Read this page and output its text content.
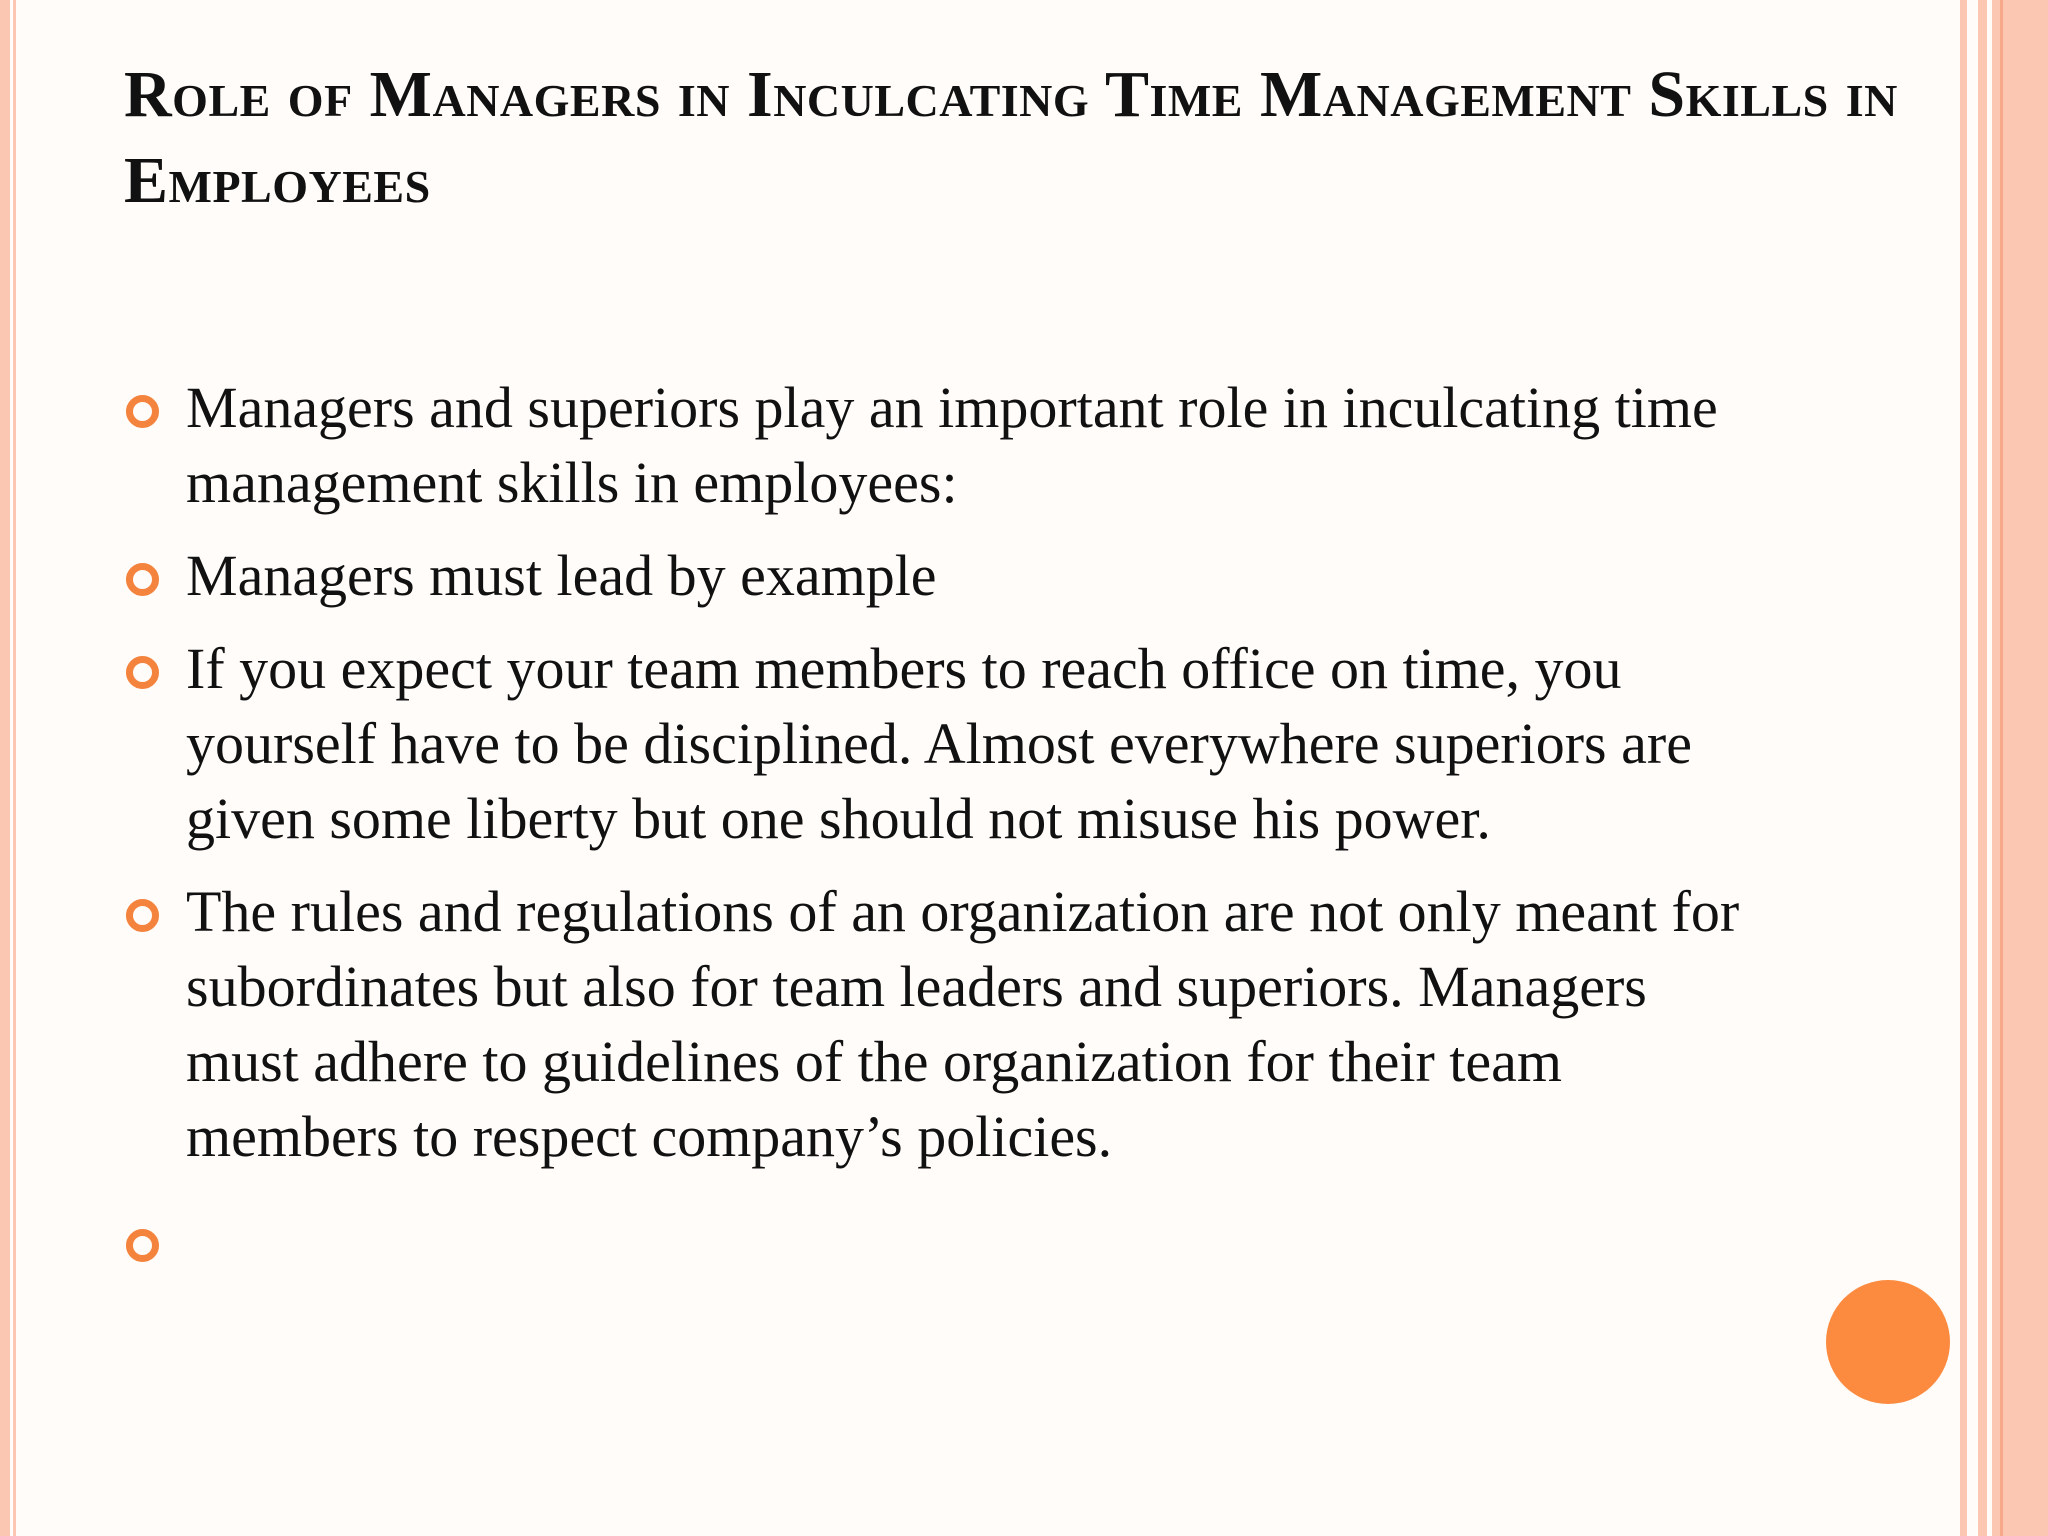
Role of Managers in Inculcating Time Management Skills in Employees
Managers and superiors play an important role in inculcating time management skills in employees:
Managers must lead by example
If you expect your team members to reach office on time, you yourself have to be disciplined. Almost everywhere superiors are given some liberty but one should not misuse his power.
The rules and regulations of an organization are not only meant for subordinates but also for team leaders and superiors. Managers must adhere to guidelines of the organization for their team members to respect company’s policies.
